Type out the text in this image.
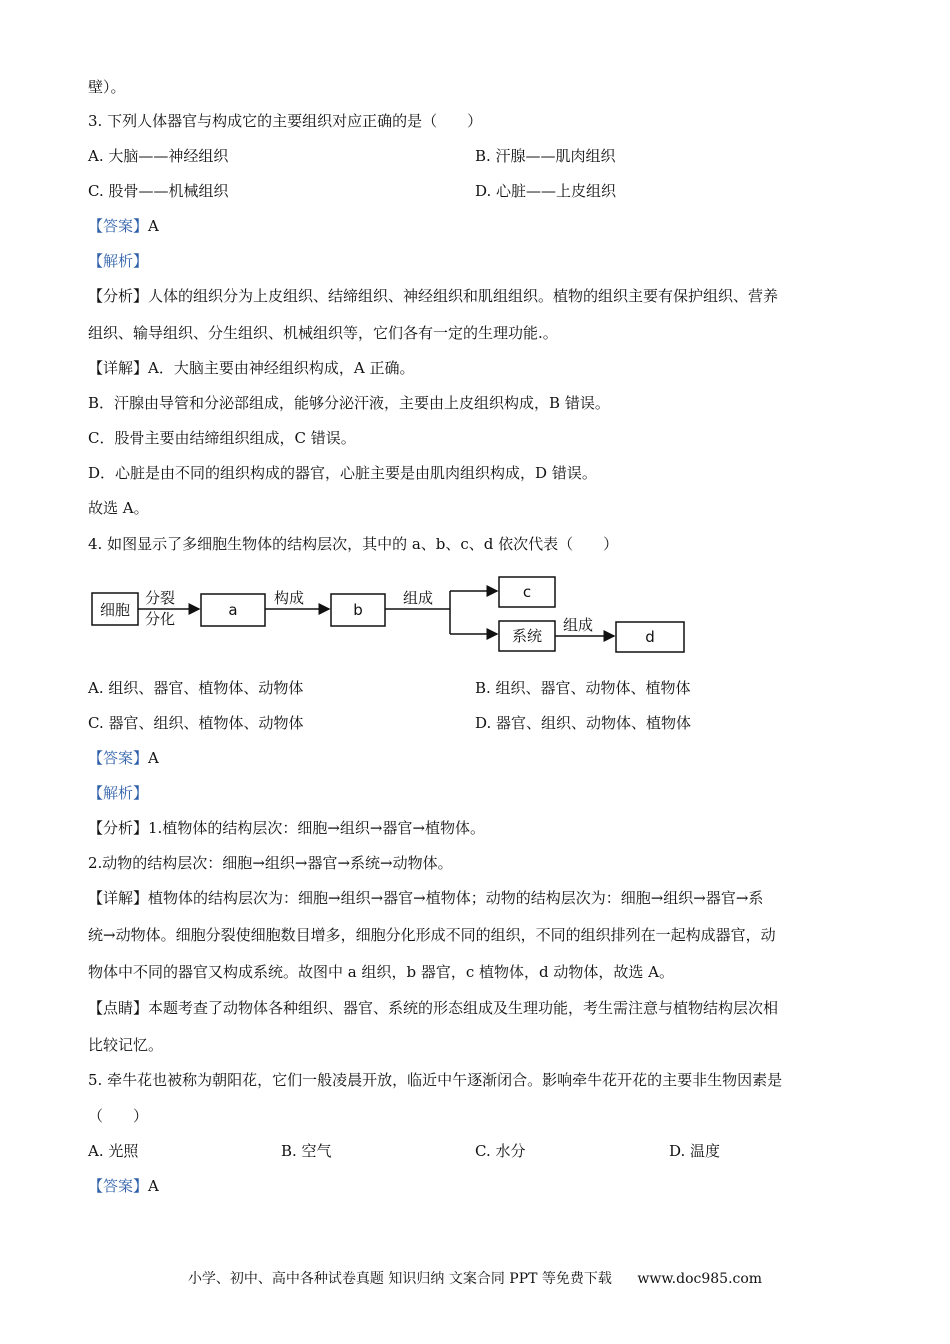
壁）。
3. 下列人体器官与构成它的主要组织对应正确的是（　　）
A. 大脑——神经组织	B. 汗腺——肌肉组织
C. 股骨——机械组织	D. 心脏——上皮组织
【答案】A
【解析】
【分析】人体的组织分为上皮组织、结缔组织、神经组织和肌组组织。植物的组织主要有保护组织、营养
组织、输导组织、分生组织、机械组织等，它们各有一定的生理功能.。
【详解】A．大脑主要由神经组织构成，A 正确。
B．汗腺由导管和分泌部组成，能够分泌汗液，主要由上皮组织构成，B 错误。
C．股骨主要由结缔组织组成，C 错误。
D．心脏是由不同的组织构成的器官，心脏主要是由肌肉组织构成，D 错误。
故选 A。
4. 如图显示了多细胞生物体的结构层次，其中的 a、b、c、d 依次代表（　　）
细胞
分裂
分化	a
构成
b
组成	c
系统
组成
d
A. 组织、器官、植物体、动物体	B. 组织、器官、动物体、植物体
C. 器官、组织、植物体、动物体	D. 器官、组织、动物体、植物体
【答案】A
【解析】
【分析】1.植物体的结构层次：细胞→组织→器官→植物体。
2.动物的结构层次：细胞→组织→器官→系统→动物体。
【详解】植物体的结构层次为：细胞→组织→器官→植物体；动物的结构层次为：细胞→组织→器官→系
统→动物体。细胞分裂使细胞数目增多，细胞分化形成不同的组织，不同的组织排列在一起构成器官，动
物体中不同的器官又构成系统。故图中 a 组织，b 器官，c 植物体，d 动物体，故选 A。
【点睛】本题考查了动物体各种组织、器官、系统的形态组成及生理功能，考生需注意与植物结构层次相
比较记忆。
5. 牵牛花也被称为朝阳花，它们一般凌晨开放，临近中午逐渐闭合。影响牵牛花开花的主要非生物因素是
（　　）
A. 光照	B. 空气	C. 水分	D. 温度
【答案】A
小学、初中、高中各种试卷真题 知识归纳 文案合同 PPT 等免费下载 www.doc985.com
